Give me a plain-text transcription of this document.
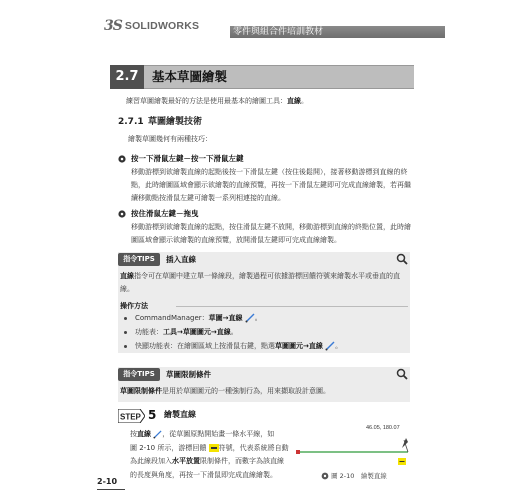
3S SOLIDWORKS	零件與組合件培訓教材
2.7	基本草圖繪製
練習草圖繪製最好的方法是使用最基本的繪圖工具：直線。
2.7.1 草圖繪製技術
繪製草圖幾何有兩種技巧：
按一下滑鼠左鍵－按一下滑鼠左鍵
移動游標到欲繪製直線的起點後按一下滑鼠左鍵（按住後鬆開），接著移動游標到直線的終點，此時繪圖區域會顯示欲繪製的直線預覽，再按一下滑鼠左鍵即可完成直線繪製，若再繼續移動點按滑鼠左鍵可繪製一系列相連接的直線。
按住滑鼠左鍵－拖曳
移動游標到欲繪製直線的起點，按住滑鼠左鍵不放開，移動游標到直線的終點位置，此時繪圖區域會顯示欲繪製的直線預覽，放開滑鼠左鍵即可完成直線繪製。
指令TIPS	插入直線
直線指令可在草圖中建立單一條線段，繪製過程可依據游標回饋符號來繪製水平或垂直的直線。
操作方法
CommandManager：草圖→直線 。
功能表：工具→草圖圖元→直線。
快顯功能表：在繪圖區域上按滑鼠右鍵，點選草圖圖元→直線 。
指令TIPS	草圖限制條件
草圖限制條件是用於草圖圖元的一種強制行為，用來擷取設計意圖。
STEP 5 繪製直線
按直線 ，從草圖原點開始畫一條水平線，如
圖 2-10 所示，游標回饋 符號，代表系統將自動
為此線段加入水平放置限制條件，而數字為該直線
的長度與角度，再按一下滑鼠即完成直線繪製。
46.05, 180.07
圖 2-10　繪製直線
2-10
